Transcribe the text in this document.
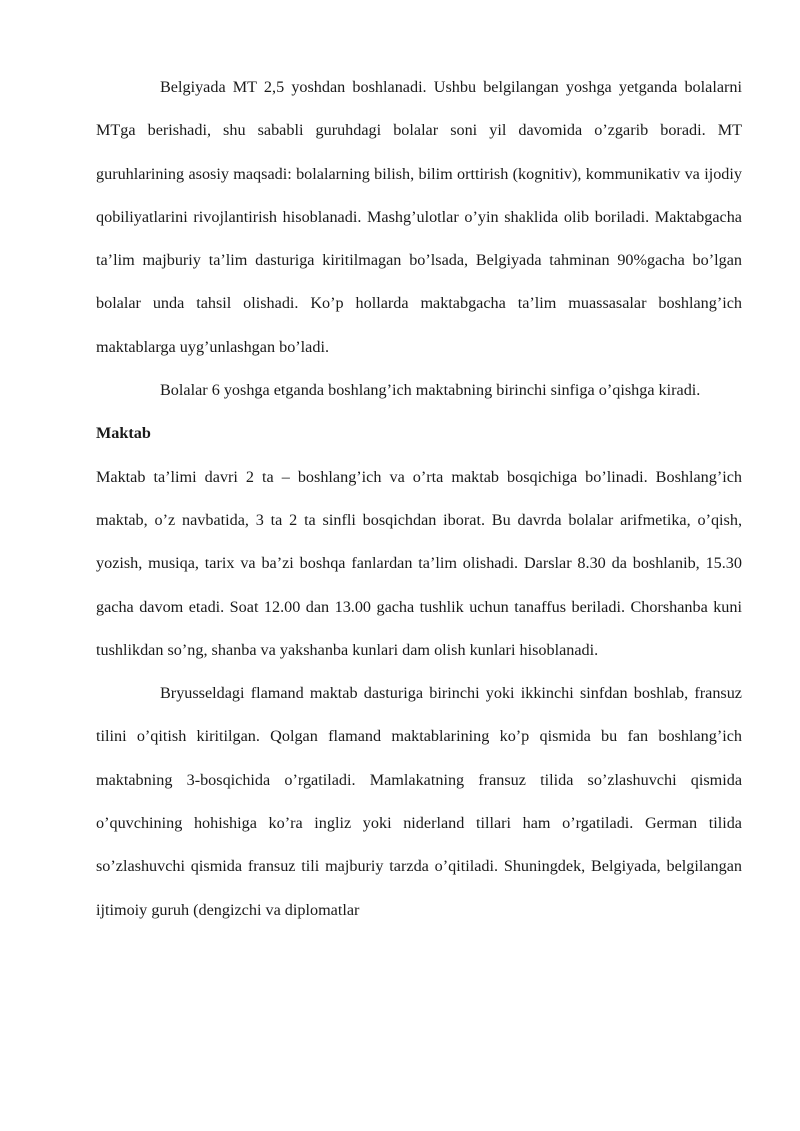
Belgiyada MT 2,5 yoshdan boshlanadi. Ushbu belgilangan yoshga yetganda bolalarni MTga berishadi, shu sababli guruhdagi bolalar soni yil davomida o’zgarib boradi. MT guruhlarining asosiy maqsadi: bolalarning bilish, bilim orttirish (kognitiv), kommunikativ va ijodiy qobiliyatlarini rivojlantirish hisoblanadi. Mashg’ulotlar o’yin shaklida olib boriladi. Maktabgacha ta’lim majburiy ta’lim dasturiga kiritilmagan bo’lsada, Belgiyada tahminan 90%gacha bo’lgan bolalar unda tahsil olishadi. Ko’p hollarda maktabgacha ta’lim muassasalar boshlang’ich maktablarga uyg’unlashgan bo’ladi.

Bolalar 6 yoshga etganda boshlang’ich maktabning birinchi sinfiga o’qishga kiradi.

Maktab

Maktab ta’limi davri 2 ta – boshlang’ich va o’rta maktab bosqichiga bo’linadi. Boshlang’ich maktab, o’z navbatida, 3 ta 2 ta sinfli bosqichdan iborat. Bu davrda bolalar arifmetika, o’qish, yozish, musiqa, tarix va ba’zi boshqa fanlardan ta’lim olishadi. Darslar 8.30 da boshlanib, 15.30 gacha davom etadi. Soat 12.00 dan 13.00 gacha tushlik uchun tanaffus beriladi. Chorshanba kuni tushlikdan so’ng, shanba va yakshanba kunlari dam olish kunlari hisoblanadi.

Bryusseldagi flamand maktab dasturiga birinchi yoki ikkinchi sinfdan boshlab, fransuz tilini o’qitish kiritilgan. Qolgan flamand maktablarining ko’p qismida bu fan boshlang’ich maktabning 3-bosqichida o’rgatiladi. Mamlakatning fransuz tilida so’zlashuvchi qismida o’quvchining hohishiga ko’ra ingliz yoki niderland tillari ham o’rgatiladi. German tilida so’zlashuvchi qismida fransuz tili majburiy tarzda o’qitiladi. Shuningdek, Belgiyada, belgilangan ijtimoiy guruh (dengizchi va diplomatlar
